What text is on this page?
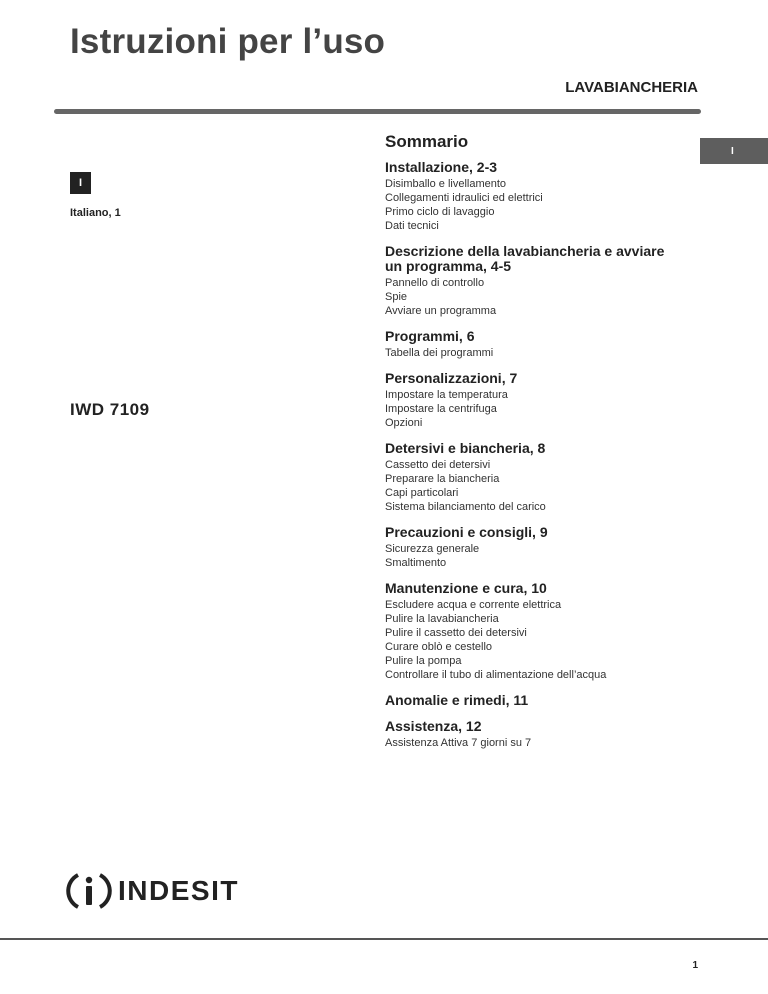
Istruzioni per l’uso
LAVABIANCHERIA
I
Italiano, 1
IWD 7109
I
Sommario
Installazione, 2-3
Disimballo e livellamento
Collegamenti idraulici ed elettrici
Primo ciclo di lavaggio
Dati tecnici
Descrizione della lavabiancheria e avviare un programma, 4-5
Pannello di controllo
Spie
Avviare un programma
Programmi, 6
Tabella dei programmi
Personalizzazioni, 7
Impostare la temperatura
Impostare la centrifuga
Opzioni
Detersivi e biancheria, 8
Cassetto dei detersivi
Preparare la biancheria
Capi particolari
Sistema bilanciamento del carico
Precauzioni e consigli, 9
Sicurezza generale
Smaltimento
Manutenzione e cura, 10
Escludere acqua e corrente elettrica
Pulire la lavabiancheria
Pulire il cassetto dei detersivi
Curare oblò e cestello
Pulire la pompa
Controllare il tubo di alimentazione dell’acqua
Anomalie e rimedi, 11
Assistenza, 12
Assistenza Attiva 7 giorni su 7
INDESIT
1
